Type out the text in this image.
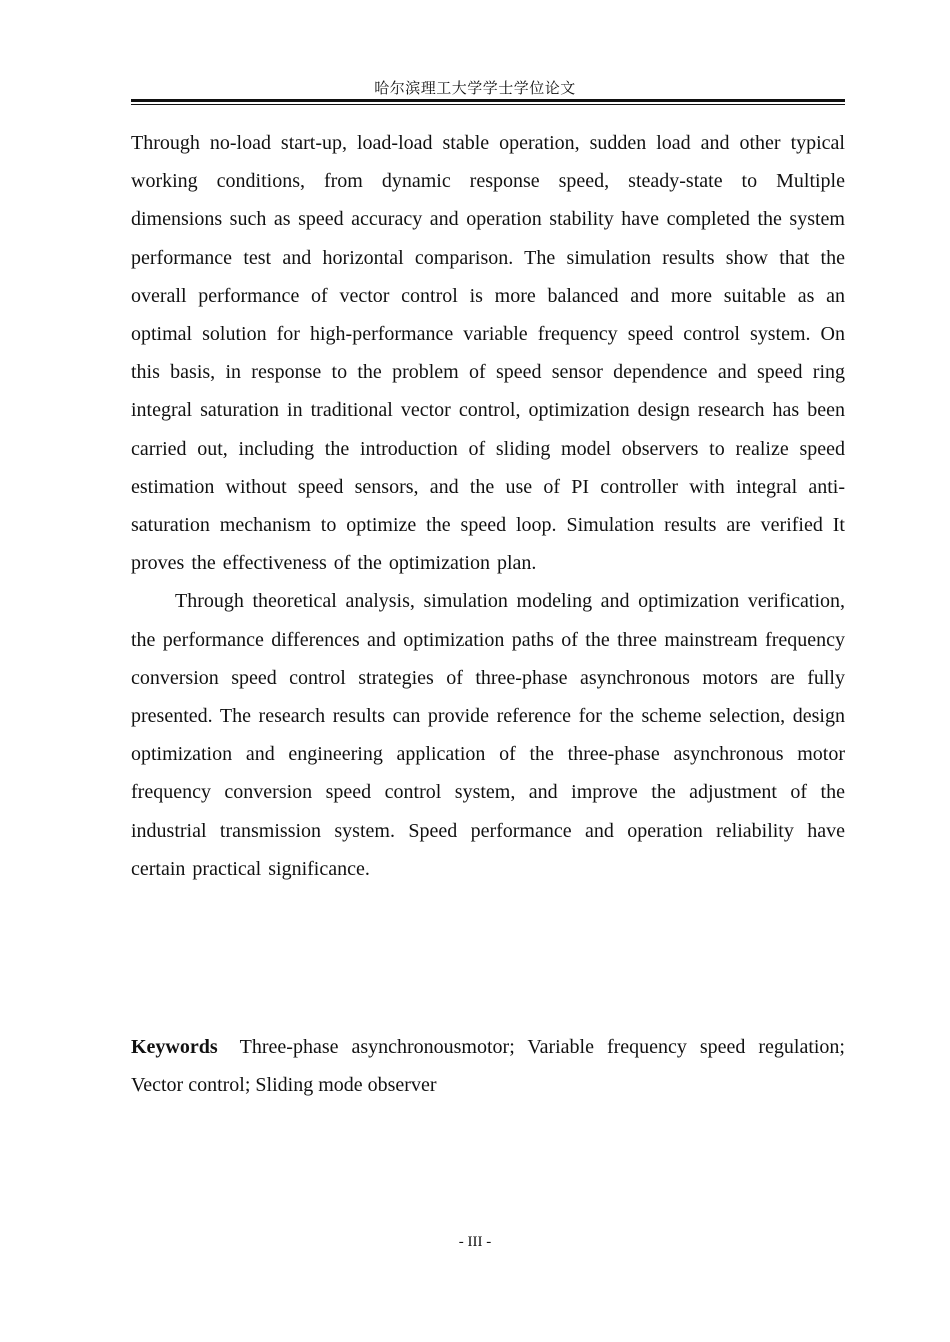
哈尔滨理工大学学士学位论文

Through no-load start-up, load-load stable operation, sudden load and other typical working conditions, from dynamic response speed, steady-state to Multiple dimensions such as speed accuracy and operation stability have completed the system performance test and horizontal comparison. The simulation results show that the overall performance of vector control is more balanced and more suitable as an optimal solution for high-performance variable frequency speed control system. On this basis, in response to the problem of speed sensor dependence and speed ring integral saturation in traditional vector control, optimization design research has been carried out, including the introduction of sliding model observers to realize speed estimation without speed sensors, and the use of PI controller with integral anti-saturation mechanism to optimize the speed loop. Simulation results are verified It proves the effectiveness of the optimization plan.

Through theoretical analysis, simulation modeling and optimization verification, the performance differences and optimization paths of the three mainstream frequency conversion speed control strategies of three-phase asynchronous motors are fully presented. The research results can provide reference for the scheme selection, design optimization and engineering application of the three-phase asynchronous motor frequency conversion speed control system, and improve the adjustment of the industrial transmission system. Speed performance and operation reliability have certain practical significance.

Keywords Three-phase asynchronousmotor; Variable frequency speed regulation; Vector control; Sliding mode observer
- III -
